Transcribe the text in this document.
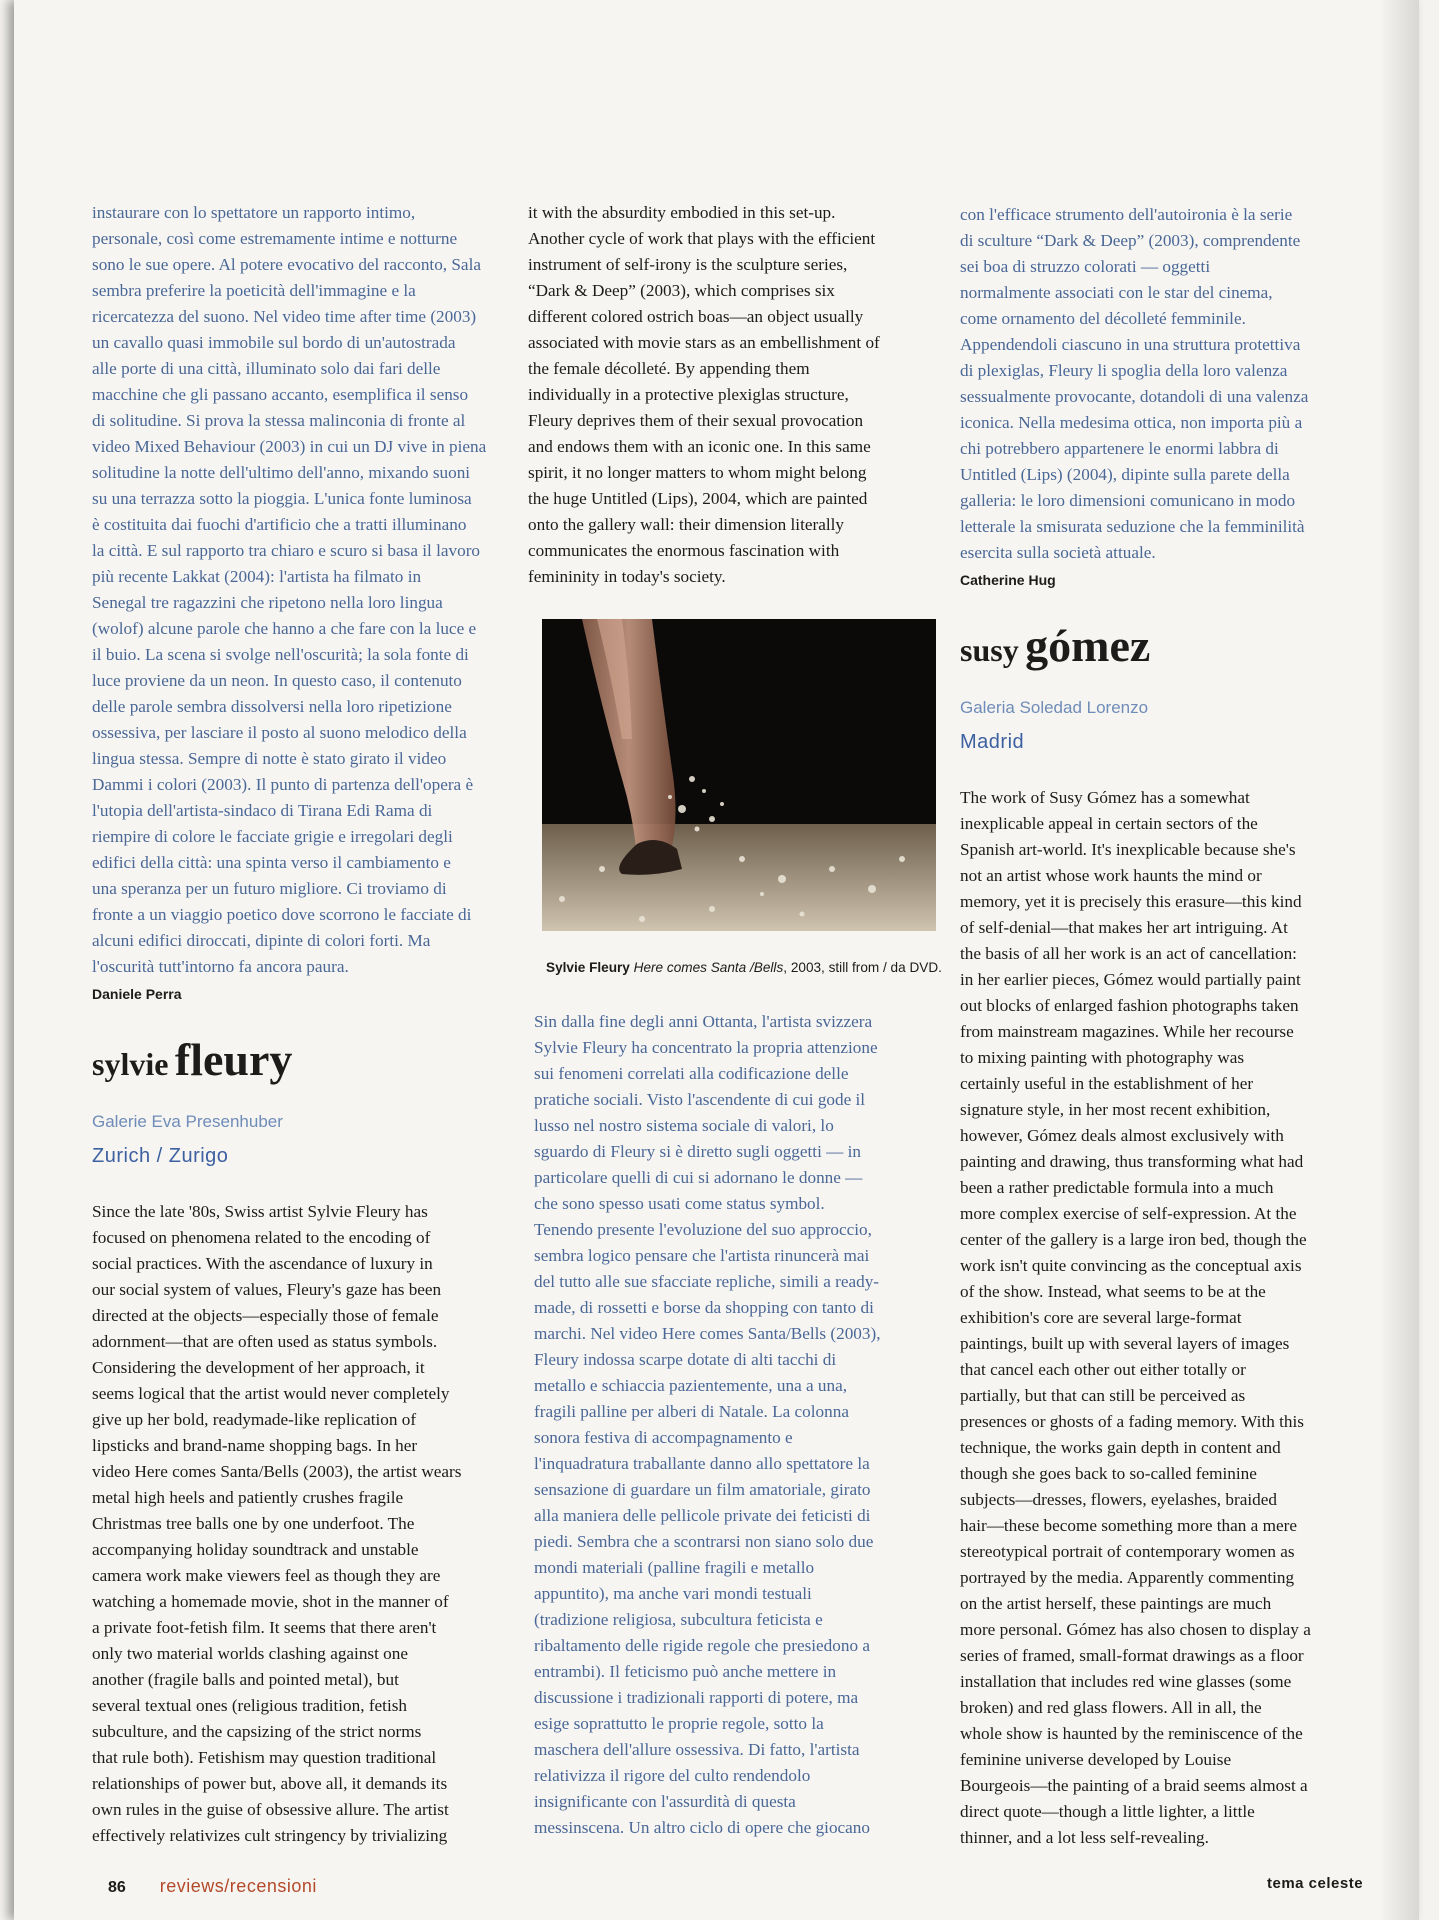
instaurare con lo spettatore un rapporto intimo,

personale, così come estremamente intime e notturne

sono le sue opere. Al potere evocativo del racconto, Sala

sembra preferire la poeticità dell'immagine e la

ricercatezza del suono. Nel video time after time (2003)

un cavallo quasi immobile sul bordo di un'autostrada

alle porte di una città, illuminato solo dai fari delle

macchine che gli passano accanto, esemplifica il senso

di solitudine. Si prova la stessa malinconia di fronte al

video Mixed Behaviour (2003) in cui un DJ vive in piena

solitudine la notte dell'ultimo dell'anno, mixando suoni

su una terrazza sotto la pioggia. L'unica fonte luminosa

è costituita dai fuochi d'artificio che a tratti illuminano

la città. E sul rapporto tra chiaro e scuro si basa il lavoro

più recente Lakkat (2004): l'artista ha filmato in

Senegal tre ragazzini che ripetono nella loro lingua

(wolof) alcune parole che hanno a che fare con la luce e

il buio. La scena si svolge nell'oscurità; la sola fonte di

luce proviene da un neon. In questo caso, il contenuto

delle parole sembra dissolversi nella loro ripetizione

ossessiva, per lasciare il posto al suono melodico della

lingua stessa. Sempre di notte è stato girato il video

Dammi i colori (2003). Il punto di partenza dell'opera è

l'utopia dell'artista-sindaco di Tirana Edi Rama di

riempire di colore le facciate grigie e irregolari degli

edifici della città: una spinta verso il cambiamento e

una speranza per un futuro migliore. Ci troviamo di

fronte a un viaggio poetico dove scorrono le facciate di

alcuni edifici diroccati, dipinte di colori forti. Ma

l'oscurità tutt'intorno fa ancora paura.

Daniele Perra
sylvie fleury
Galerie Eva Presenhuber
Zurich / Zurigo

Since the late '80s, Swiss artist Sylvie Fleury has

focused on phenomena related to the encoding of

social practices. With the ascendance of luxury in

our social system of values, Fleury's gaze has been

directed at the objects—especially those of female

adornment—that are often used as status symbols.

Considering the development of her approach, it

seems logical that the artist would never completely

give up her bold, readymade-like replication of

lipsticks and brand-name shopping bags. In her

video Here comes Santa/Bells (2003), the artist wears

metal high heels and patiently crushes fragile

Christmas tree balls one by one underfoot. The

accompanying holiday soundtrack and unstable

camera work make viewers feel as though they are

watching a homemade movie, shot in the manner of

a private foot-fetish film. It seems that there aren't

only two material worlds clashing against one

another (fragile balls and pointed metal), but

several textual ones (religious tradition, fetish

subculture, and the capsizing of the strict norms

that rule both). Fetishism may question traditional

relationships of power but, above all, it demands its

own rules in the guise of obsessive allure. The artist

effectively relativizes cult stringency by trivializing

it with the absurdity embodied in this set-up.

Another cycle of work that plays with the efficient

instrument of self-irony is the sculpture series,

“Dark & Deep” (2003), which comprises six

different colored ostrich boas—an object usually

associated with movie stars as an embellishment of

the female décolleté. By appending them

individually in a protective plexiglas structure,

Fleury deprives them of their sexual provocation

and endows them with an iconic one. In this same

spirit, it no longer matters to whom might belong

the huge Untitled (Lips), 2004, which are painted

onto the gallery wall: their dimension literally

communicates the enormous fascination with

femininity in today's society.

Sylvie Fleury Here comes Santa /Bells, 2003, still from / da DVD.

Sin dalla fine degli anni Ottanta, l'artista svizzera

Sylvie Fleury ha concentrato la propria attenzione

sui fenomeni correlati alla codificazione delle

pratiche sociali. Visto l'ascendente di cui gode il

lusso nel nostro sistema sociale di valori, lo

sguardo di Fleury si è diretto sugli oggetti — in

particolare quelli di cui si adornano le donne —

che sono spesso usati come status symbol.

Tenendo presente l'evoluzione del suo approccio,

sembra logico pensare che l'artista rinuncerà mai

del tutto alle sue sfacciate repliche, simili a ready-

made, di rossetti e borse da shopping con tanto di

marchi. Nel video Here comes Santa/Bells (2003),

Fleury indossa scarpe dotate di alti tacchi di

metallo e schiaccia pazientemente, una a una,

fragili palline per alberi di Natale. La colonna

sonora festiva di accompagnamento e

l'inquadratura traballante danno allo spettatore la

sensazione di guardare un film amatoriale, girato

alla maniera delle pellicole private dei feticisti di

piedi. Sembra che a scontrarsi non siano solo due

mondi materiali (palline fragili e metallo

appuntito), ma anche vari mondi testuali

(tradizione religiosa, subcultura feticista e

ribaltamento delle rigide regole che presiedono a

entrambi). Il feticismo può anche mettere in

discussione i tradizionali rapporti di potere, ma

esige soprattutto le proprie regole, sotto la

maschera dell'allure ossessiva. Di fatto, l'artista

relativizza il rigore del culto rendendolo

insignificante con l'assurdità di questa

messinscena. Un altro ciclo di opere che giocano

con l'efficace strumento dell'autoironia è la serie

di sculture “Dark & Deep” (2003), comprendente

sei boa di struzzo colorati — oggetti

normalmente associati con le star del cinema,

come ornamento del décolleté femminile.

Appendendoli ciascuno in una struttura protettiva

di plexiglas, Fleury li spoglia della loro valenza

sessualmente provocante, dotandoli di una valenza

iconica. Nella medesima ottica, non importa più a

chi potrebbero appartenere le enormi labbra di

Untitled (Lips) (2004), dipinte sulla parete della

galleria: le loro dimensioni comunicano in modo

letterale la smisurata seduzione che la femminilità

esercita sulla società attuale.

Catherine Hug
susy gómez
Galeria Soledad Lorenzo
Madrid

The work of Susy Gómez has a somewhat

inexplicable appeal in certain sectors of the

Spanish art-world. It's inexplicable because she's

not an artist whose work haunts the mind or

memory, yet it is precisely this erasure—this kind

of self-denial—that makes her art intriguing. At

the basis of all her work is an act of cancellation:

in her earlier pieces, Gómez would partially paint

out blocks of enlarged fashion photographs taken

from mainstream magazines. While her recourse

to mixing painting with photography was

certainly useful in the establishment of her

signature style, in her most recent exhibition,

however, Gómez deals almost exclusively with

painting and drawing, thus transforming what had

been a rather predictable formula into a much

more complex exercise of self-expression. At the

center of the gallery is a large iron bed, though the

work isn't quite convincing as the conceptual axis

of the show. Instead, what seems to be at the

exhibition's core are several large-format

paintings, built up with several layers of images

that cancel each other out either totally or

partially, but that can still be perceived as

presences or ghosts of a fading memory. With this

technique, the works gain depth in content and

though she goes back to so-called feminine

subjects—dresses, flowers, eyelashes, braided

hair—these become something more than a mere

stereotypical portrait of contemporary women as

portrayed by the media. Apparently commenting

on the artist herself, these paintings are much

more personal. Gómez has also chosen to display a

series of framed, small-format drawings as a floor

installation that includes red wine glasses (some

broken) and red glass flowers. All in all, the

whole show is haunted by the reminiscence of the

feminine universe developed by Louise

Bourgeois—the painting of a braid seems almost a

direct quote—though a little lighter, a little

thinner, and a lot less self-revealing.

86 reviews/recensioni	tema celeste
